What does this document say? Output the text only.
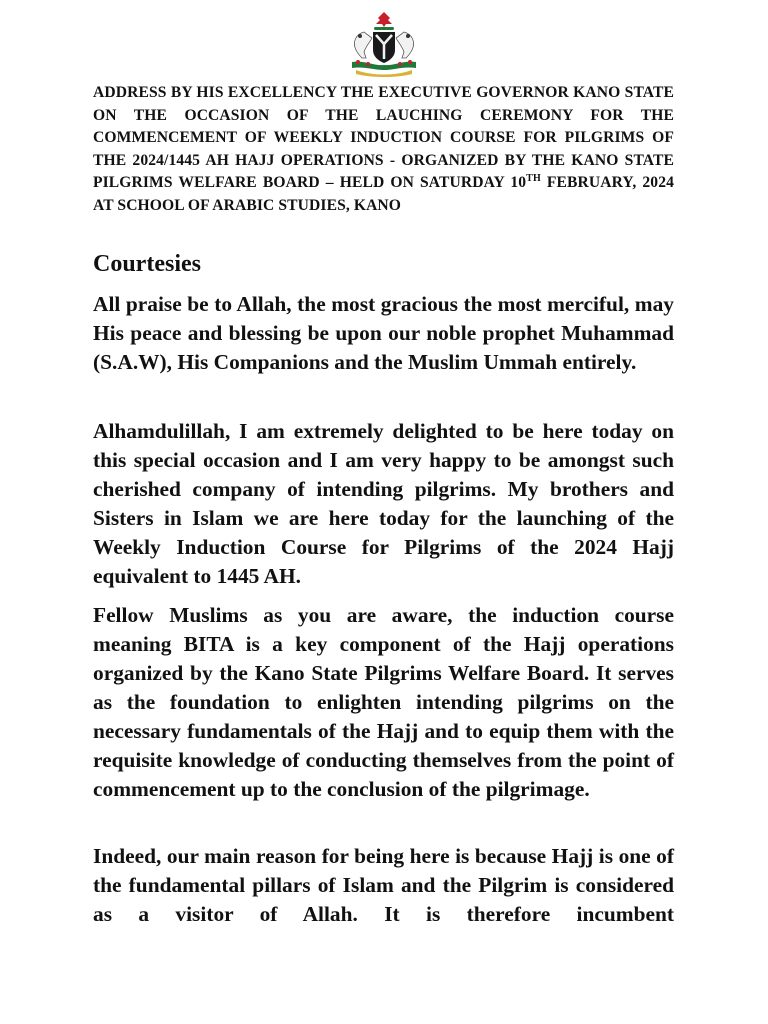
ADDRESS BY HIS EXCELLENCY THE EXECUTIVE GOVERNOR KANO STATE ON THE OCCASION OF THE LAUCHING CEREMONY FOR THE COMMENCEMENT OF WEEKLY INDUCTION COURSE FOR PILGRIMS OF THE 2024/1445 AH HAJJ OPERATIONS - ORGANIZED BY THE KANO STATE PILGRIMS WELFARE BOARD – HELD ON SATURDAY 10TH FEBRUARY, 2024 AT SCHOOL OF ARABIC STUDIES, KANO
Courtesies

All praise be to Allah, the most gracious the most merciful, may His peace and blessing be upon our noble prophet Muhammad (S.A.W), His Companions and the Muslim Ummah entirely.

Alhamdulillah, I am extremely delighted to be here today on this special occasion and I am very happy to be amongst such cherished company of intending pilgrims. My brothers and Sisters in Islam we are here today for the launching of the Weekly Induction Course for Pilgrims of the 2024 Hajj equivalent to 1445 AH.

Fellow Muslims as you are aware, the induction course meaning BITA is a key component of the Hajj operations organized by the Kano State Pilgrims Welfare Board. It serves as the foundation to enlighten intending pilgrims on the necessary fundamentals of the Hajj and to equip them with the requisite knowledge of conducting themselves from the point of commencement up to the conclusion of the pilgrimage.

Indeed, our main reason for being here is because Hajj is one of the fundamental pillars of Islam and the Pilgrim is considered as a visitor of Allah. It is therefore incumbent
